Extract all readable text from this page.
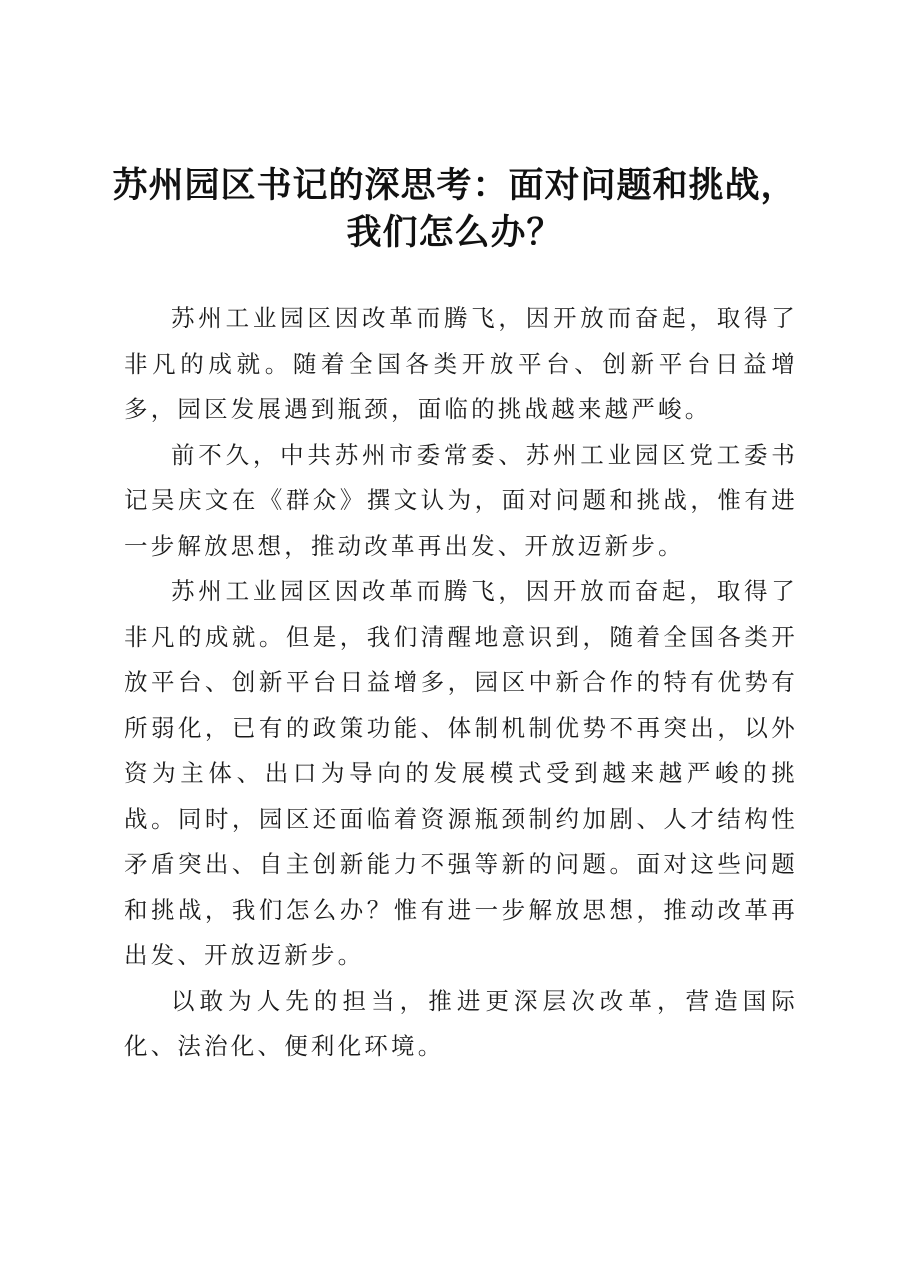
苏州园区书记的深思考：面对问题和挑战，我们怎么办？

苏州工业园区因改革而腾飞，因开放而奋起，取得了非凡的成就。随着全国各类开放平台、创新平台日益增多，园区发展遇到瓶颈，面临的挑战越来越严峻。

前不久，中共苏州市委常委、苏州工业园区党工委书记吴庆文在《群众》撰文认为，面对问题和挑战，惟有进一步解放思想，推动改革再出发、开放迈新步。

苏州工业园区因改革而腾飞，因开放而奋起，取得了非凡的成就。但是，我们清醒地意识到，随着全国各类开放平台、创新平台日益增多，园区中新合作的特有优势有所弱化，已有的政策功能、体制机制优势不再突出，以外资为主体、出口为导向的发展模式受到越来越严峻的挑战。同时，园区还面临着资源瓶颈制约加剧、人才结构性矛盾突出、自主创新能力不强等新的问题。面对这些问题和挑战，我们怎么办？惟有进一步解放思想，推动改革再出发、开放迈新步。

以敢为人先的担当，推进更深层次改革，营造国际化、法治化、便利化环境。
